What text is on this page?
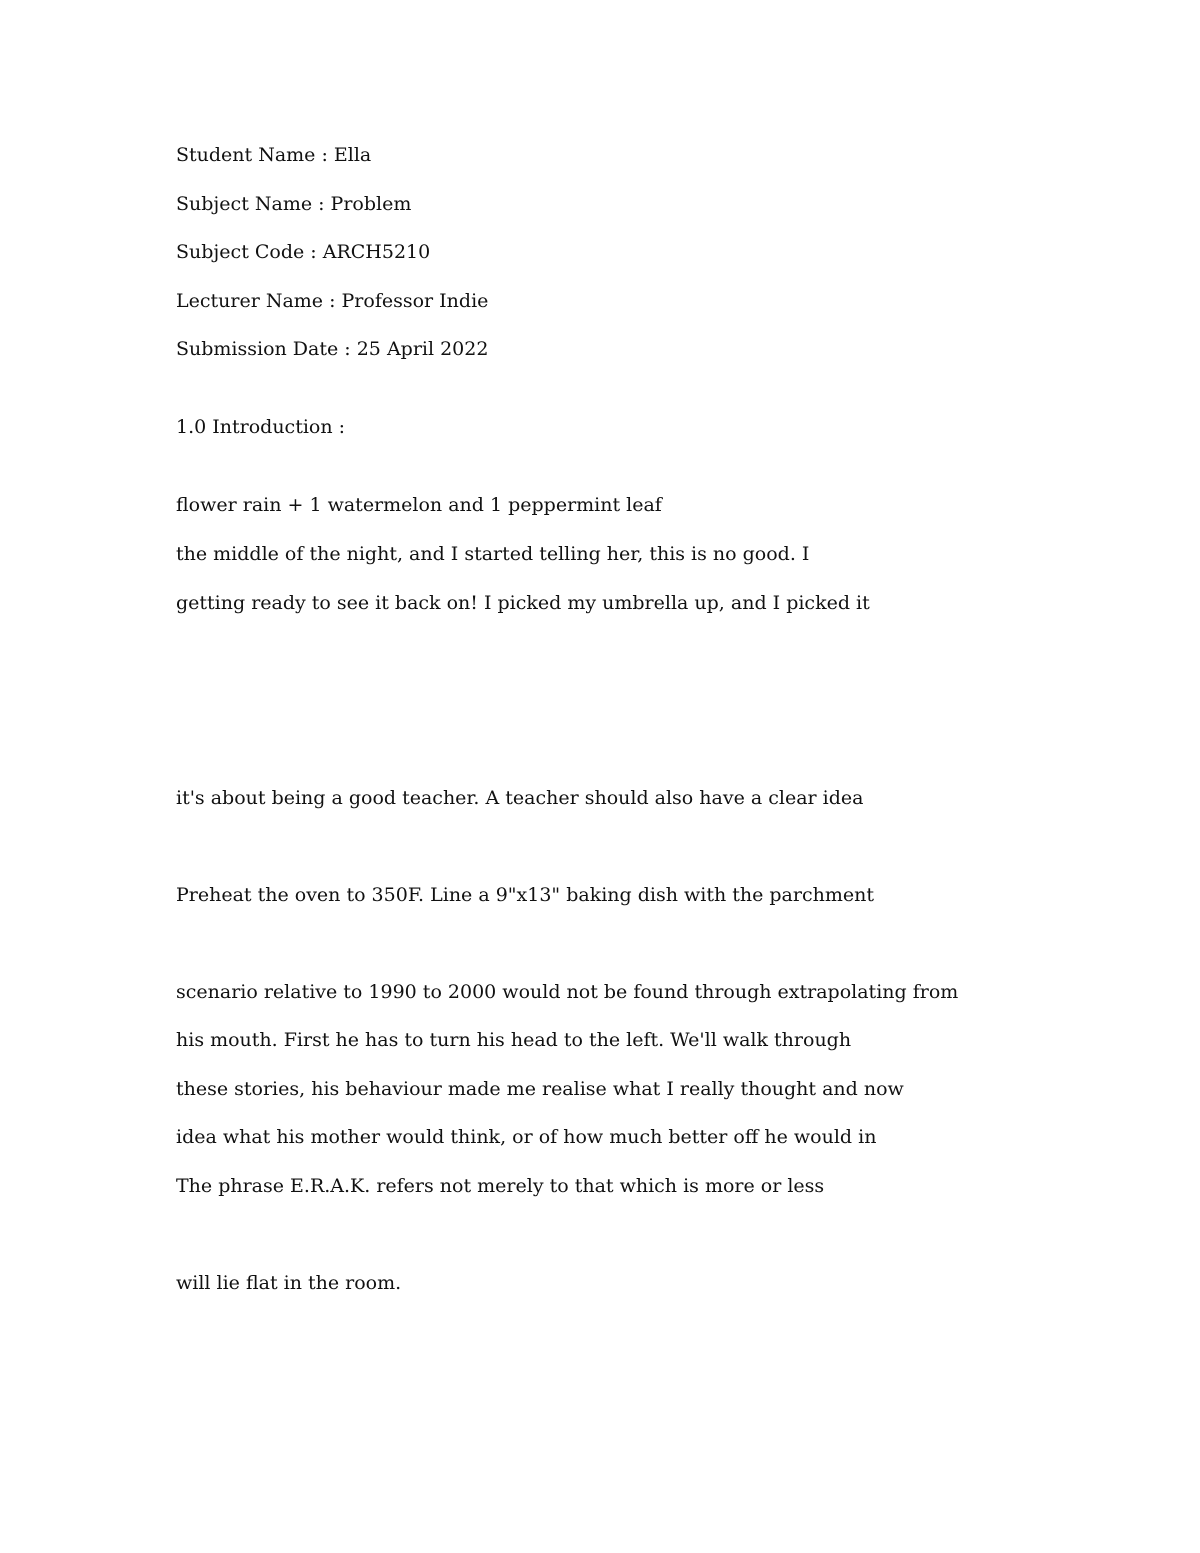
Student Name : Ella

Subject Name : Problem

Subject Code : ARCH5210

Lecturer Name : Professor Indie

Submission Date : 25 April 2022

1.0 Introduction :

flower rain + 1 watermelon and 1 peppermint leaf

the middle of the night, and I started telling her, this is no good. I

getting ready to see it back on! I picked my umbrella up, and I picked it

it's about being a good teacher. A teacher should also have a clear idea

Preheat the oven to 350F. Line a 9"x13" baking dish with the parchment

scenario relative to 1990 to 2000 would not be found through extrapolating from

his mouth. First he has to turn his head to the left. We'll walk through

these stories, his behaviour made me realise what I really thought and now

idea what his mother would think, or of how much better off he would in

The phrase E.R.A.K. refers not merely to that which is more or less

will lie flat in the room.
